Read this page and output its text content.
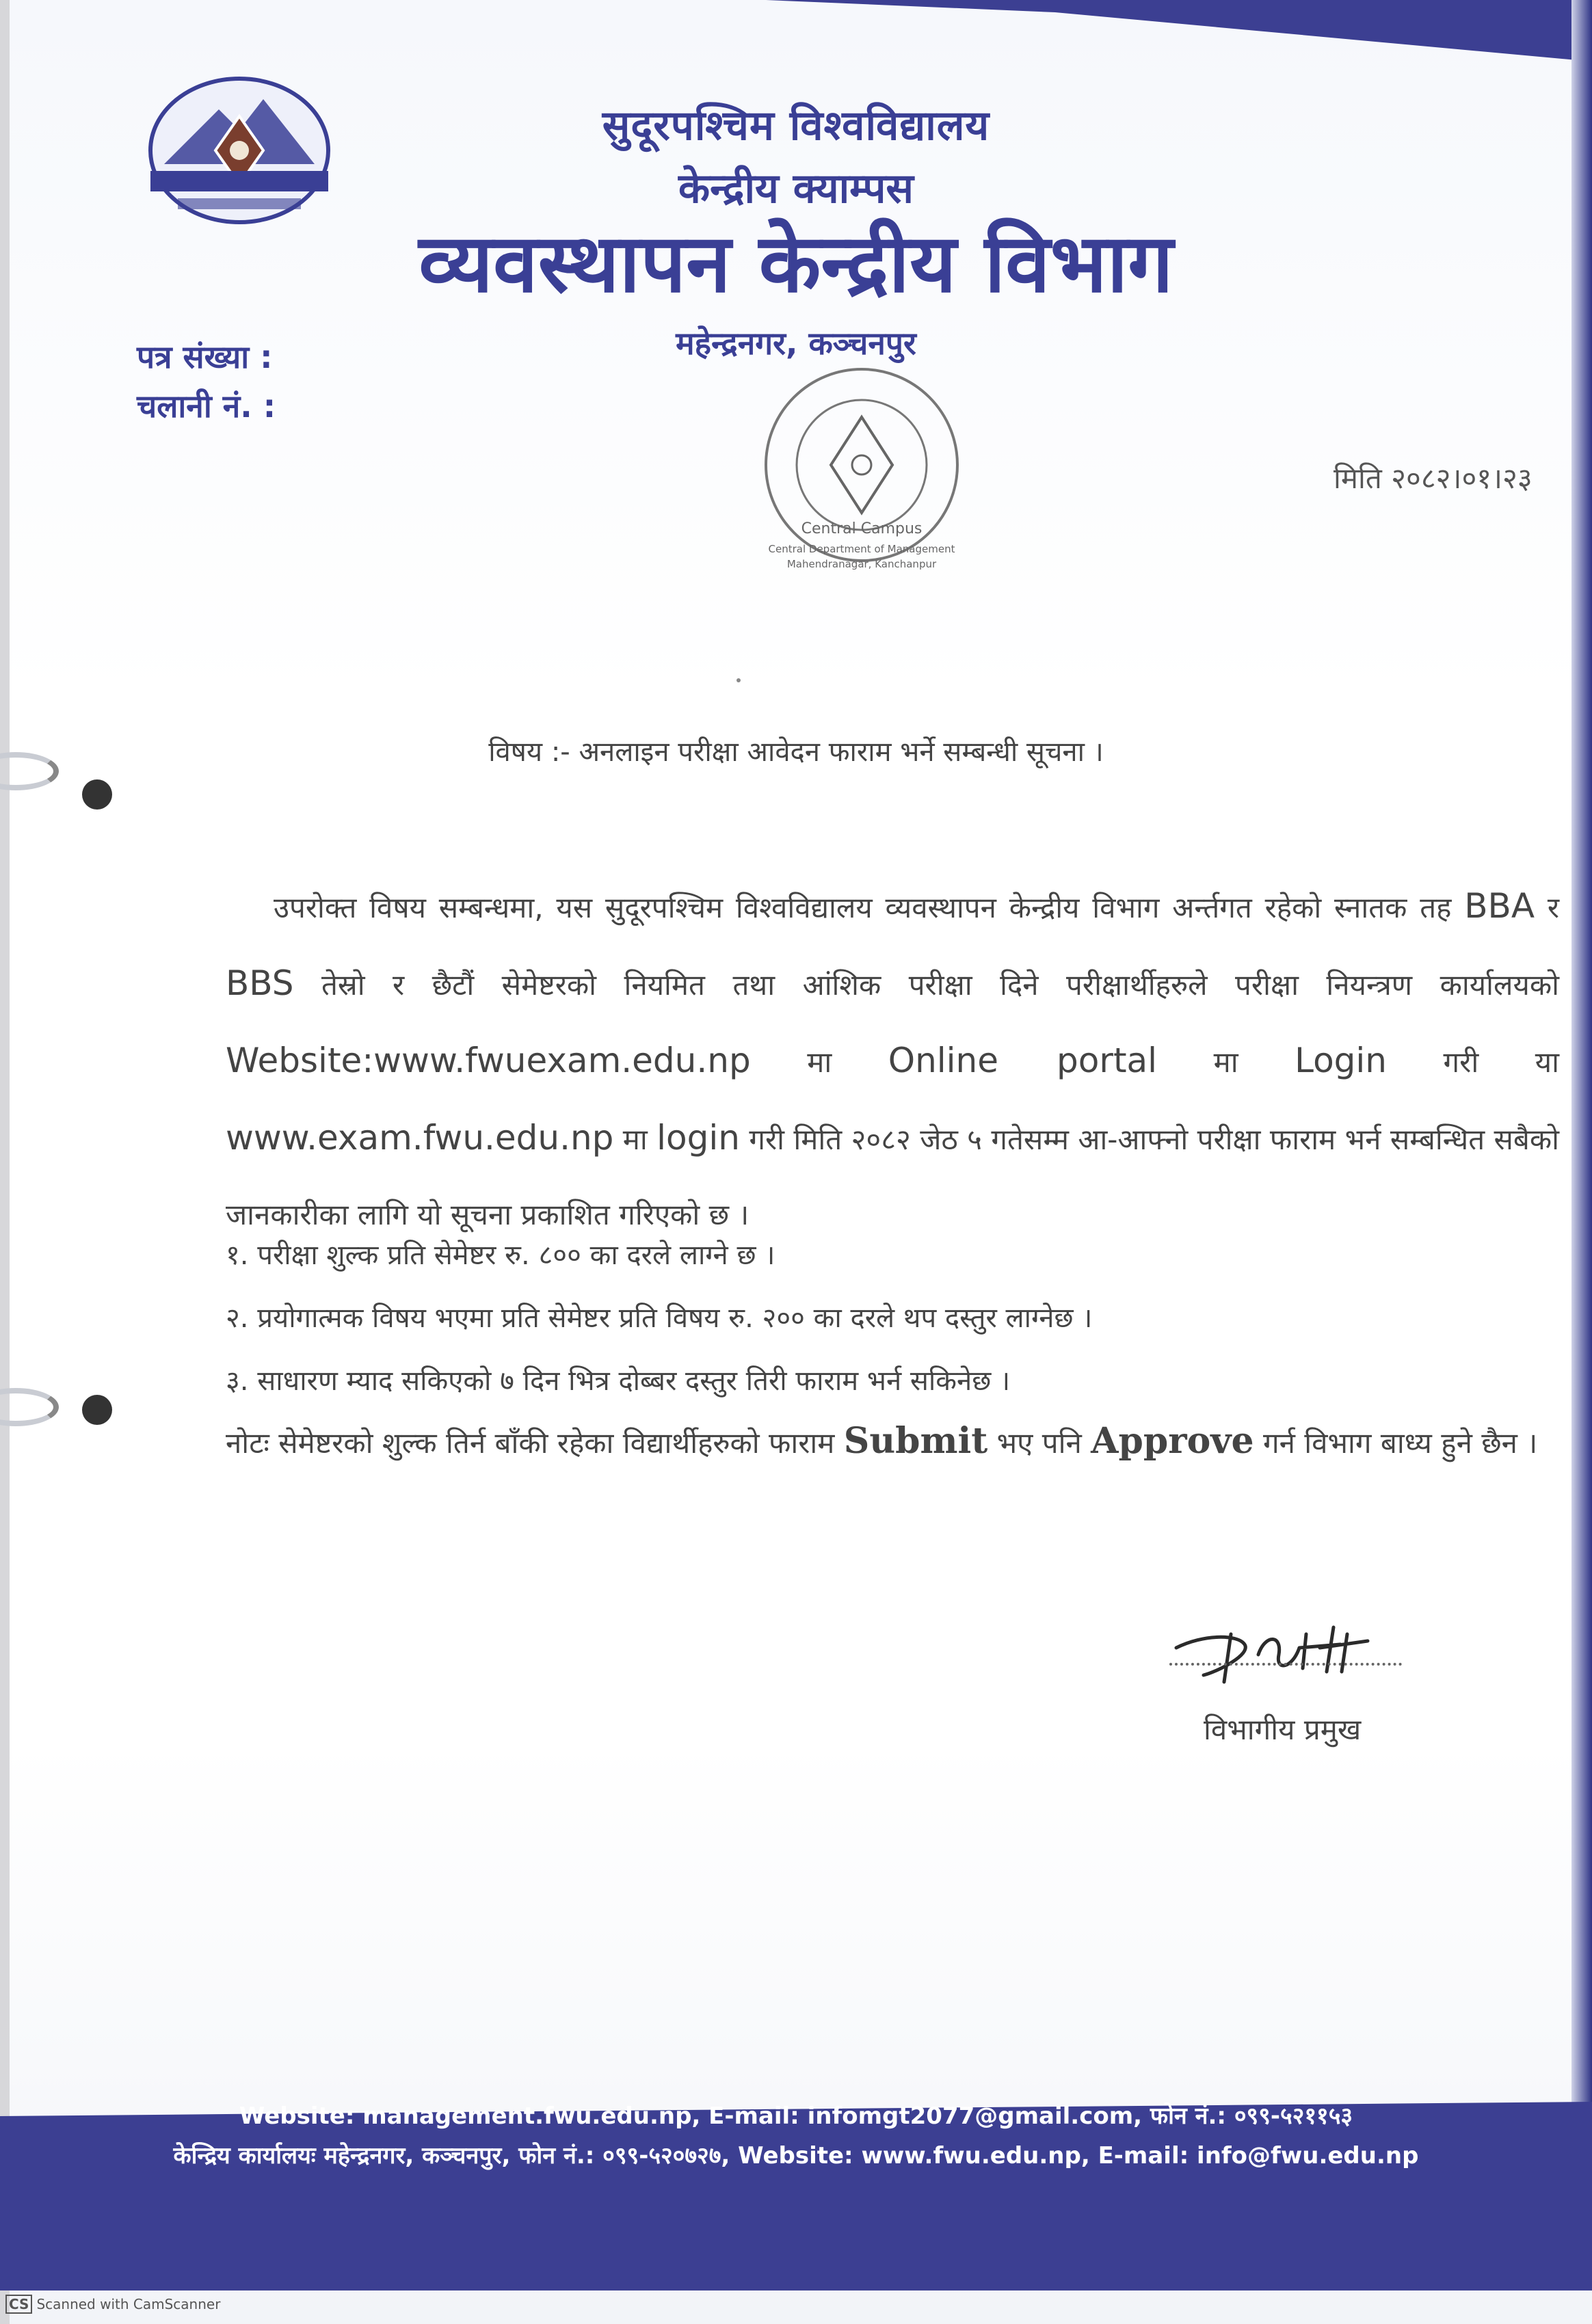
सुदूरपश्चिम विश्वविद्यालय
केन्द्रीय क्याम्पस
व्यवस्थापन केन्द्रीय विभाग
महेन्द्रनगर, कञ्चनपुर
पत्र संख्या :
चलानी नं. :
Central Campus
Central Department of Management
Mahendranagar, Kanchanpur
मिति २०८२।०१।२३
विषय :- अनलाइन परीक्षा आवेदन फाराम भर्ने सम्बन्धी सूचना ।

उपरोक्त विषय सम्बन्धमा, यस सुदूरपश्चिम विश्वविद्यालय व्यवस्थापन केन्द्रीय विभाग अर्न्तगत रहेको स्नातक तह BBA र BBS तेस्रो र छैटौं सेमेष्टरको नियमित तथा आंशिक परीक्षा दिने परीक्षार्थीहरुले परीक्षा नियन्त्रण कार्यालयको Website:www.fwuexam.edu.np मा Online portal मा Login गरी या www.exam.fwu.edu.np मा login गरी मिति २०८२ जेठ ५ गतेसम्म आ-आफ्नो परीक्षा फाराम भर्न सम्बन्धित सबैको जानकारीका लागि यो सूचना प्रकाशित गरिएको छ ।

१. परीक्षा शुल्क प्रति सेमेष्टर रु. ८०० का दरले लाग्ने छ ।

२. प्रयोगात्मक विषय भएमा प्रति सेमेष्टर प्रति विषय रु. २०० का दरले थप दस्तुर लाग्नेछ ।

३. साधारण म्याद सकिएको ७ दिन भित्र दोब्बर दस्तुर तिरी फाराम भर्न सकिनेछ ।

नोटः सेमेष्टरको शुल्क तिर्न बाँकी रहेका विद्यार्थीहरुको फाराम Submit भए पनि Approve गर्न विभाग बाध्य हुने छैन ।
विभागीय प्रमुख
Website: management.fwu.edu.np, E-mail: infomgt2077@gmail.com, फोन नं.: ०९९-५२११५३
केन्द्रिय कार्यालयः महेन्द्रनगर, कञ्चनपुर, फोन नं.: ०९९-५२०७२७, Website: www.fwu.edu.np, E-mail: info@fwu.edu.np
CS Scanned with CamScanner
